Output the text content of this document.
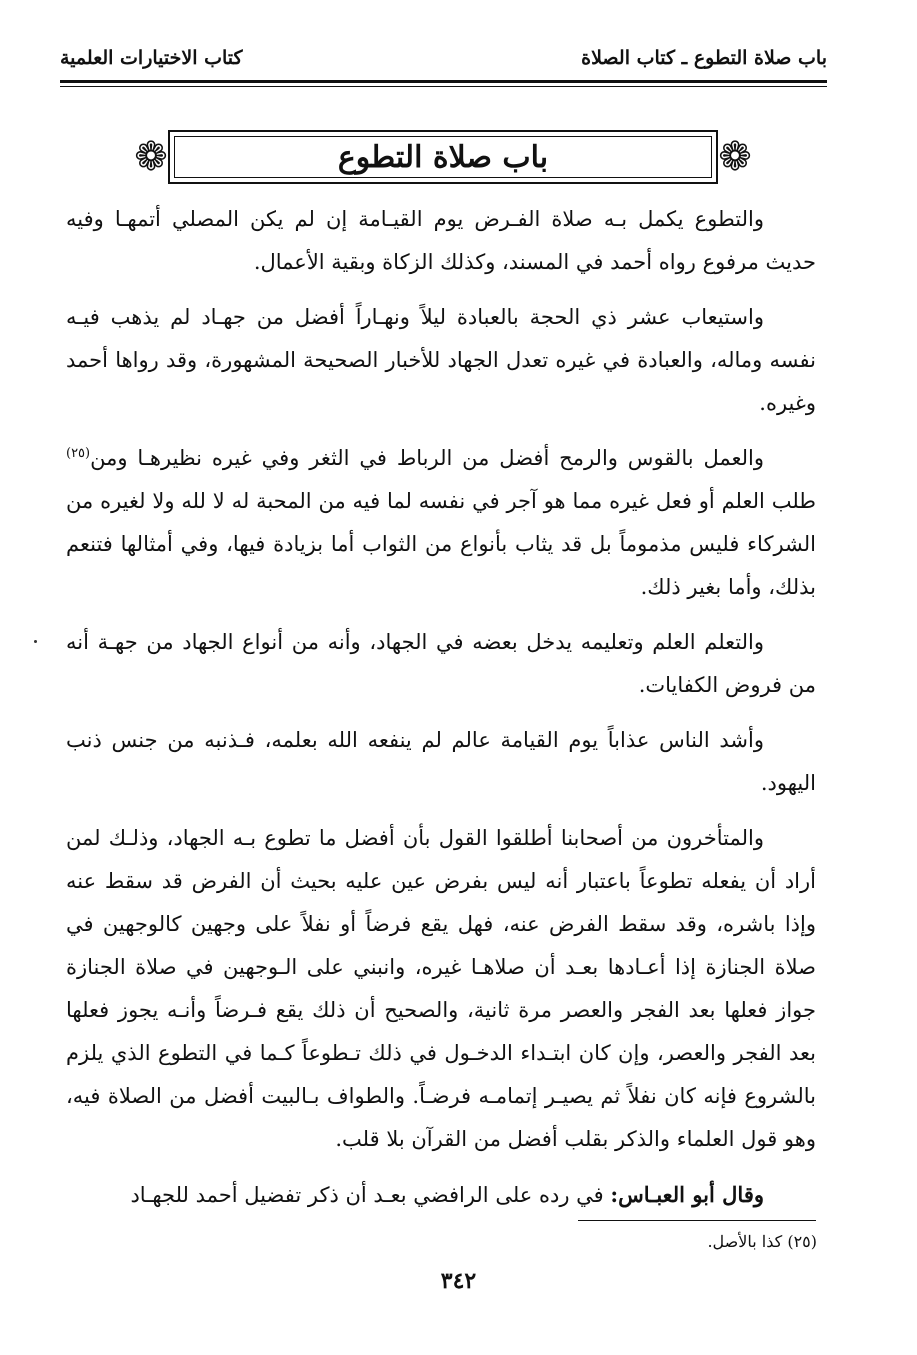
باب صلاة التطوع ـ كتاب الصلاة
كتاب الاختيارات العلمية
❁	باب صلاة التطوع	❁

والتطوع يكمل بـه صلاة الفـرض يوم القيـامة إن لم يكن المصلي أتمهـا وفيه حديث مرفوع رواه أحمد في المسند، وكذلك الزكاة وبقية الأعمال.

واستيعاب عشر ذي الحجة بالعبادة ليلاً ونهـاراً أفضل من جهـاد لم يذهب فيـه نفسه وماله، والعبادة في غيره تعدل الجهاد للأخبار الصحيحة المشهورة، وقد رواها أحمد وغيره.

والعمل بالقوس والرمح أفضل من الرباط في الثغر وفي غيره نظيرهـا ومن$^{(٢٥)}$ طلب العلم أو فعل غيره مما هو آجر في نفسه لما فيه من المحبة له لا لله ولا لغيره من الشركاء فليس مذموماً بل قد يثاب بأنواع من الثواب أما بزيادة فيها، وفي أمثالها فتنعم بذلك، وأما بغير ذلك.

والتعلم العلم وتعليمه يدخل بعضه في الجهاد، وأنه من أنواع الجهاد من جهـة أنه من فروض الكفايات.

وأشد الناس عذاباً يوم القيامة عالم لم ينفعه الله بعلمه، فـذنبه من جنس ذنب اليهود.

والمتأخرون من أصحابنا أطلقوا القول بأن أفضل ما تطوع بـه الجهاد، وذلـك لمن أراد أن يفعله تطوعاً باعتبار أنه ليس بفرض عين عليه بحيث أن الفرض قد سقط عنه وإذا باشره، وقد سقط الفرض عنه، فهل يقع فرضاً أو نفلاً على وجهين كالوجهين في صلاة الجنازة إذا أعـادها بعـد أن صلاهـا غيره، وانبني على الـوجهين في صلاة الجنازة جواز فعلها بعد الفجر والعصر مرة ثانية، والصحيح أن ذلك يقع فـرضاً وأنـه يجوز فعلها بعد الفجر والعصر، وإن كان ابتـداء الدخـول في ذلك تـطوعاً كـما في التطوع الذي يلزم بالشروع فإنه كان نفلاً ثم يصيـر إتمامـه فرضـاً. والطواف بـالبيت أفضل من الصلاة فيه، وهو قول العلماء والذكر بقلب أفضل من القرآن بلا قلب.

وقال أبو العبـاس: في رده على الرافضي بعـد أن ذكر تفضيل أحمد للجهـاد

(٢٥) كذا بالأصل.
٣٤٢
